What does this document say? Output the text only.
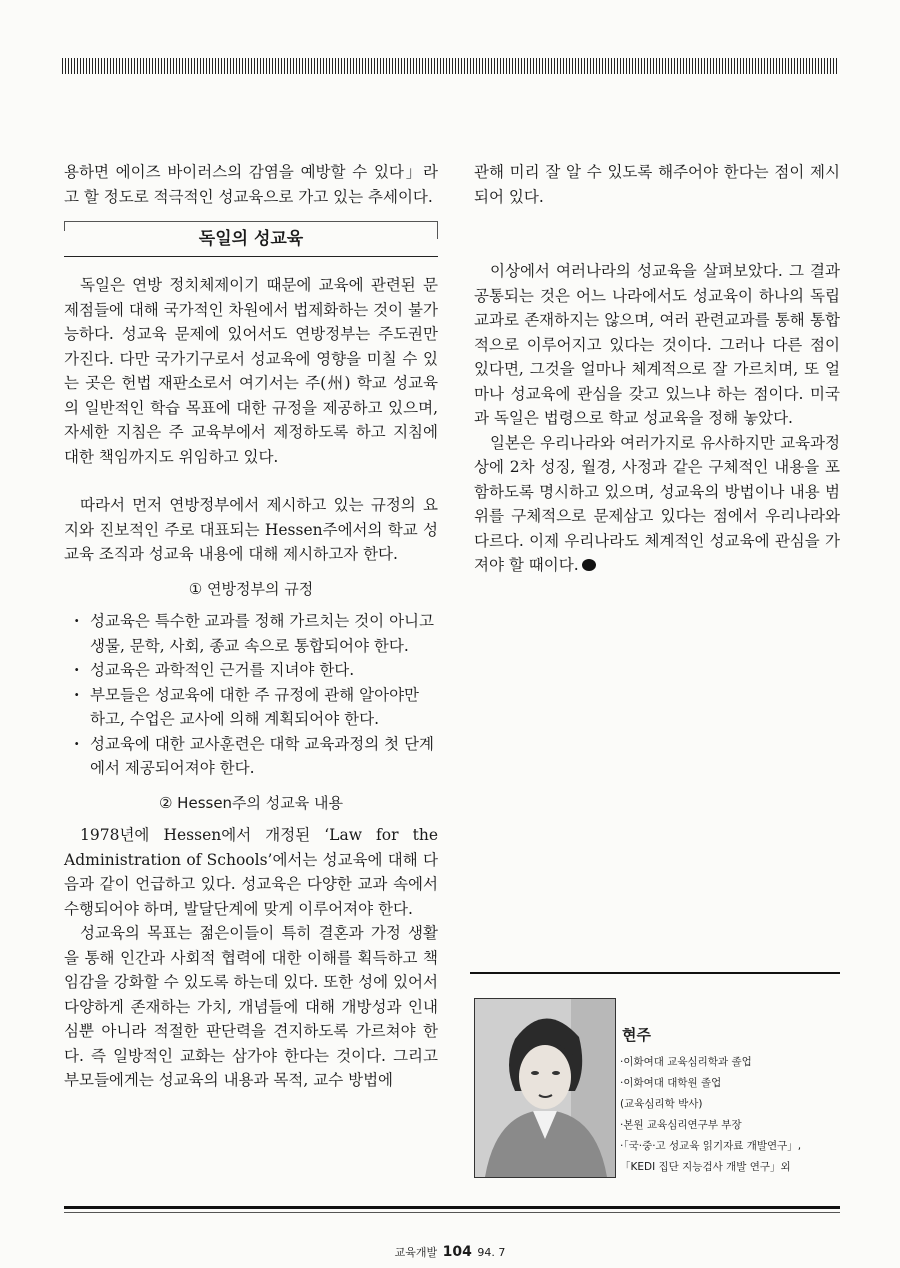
용하면 에이즈 바이러스의 감염을 예방할 수 있다」라고 할 정도로 적극적인 성교육으로 가고 있는 추세이다.

독일의 성교육

독일은 연방 정치체제이기 때문에 교육에 관련된 문제점들에 대해 국가적인 차원에서 법제화하는 것이 불가능하다. 성교육 문제에 있어서도 연방정부는 주도권만 가진다. 다만 국가기구로서 성교육에 영향을 미칠 수 있는 곳은 헌법 재판소로서 여기서는 주(州) 학교 성교육의 일반적인 학습 목표에 대한 규정을 제공하고 있으며, 자세한 지침은 주 교육부에서 제정하도록 하고 지침에 대한 책임까지도 위임하고 있다.

따라서 먼저 연방정부에서 제시하고 있는 규정의 요지와 진보적인 주로 대표되는 Hessen주에서의 학교 성교육 조직과 성교육 내용에 대해 제시하고자 한다.

① 연방정부의 규정
· 성교육은 특수한 교과를 정해 가르치는 것이 아니고 생물, 문학, 사회, 종교 속으로 통합되어야 한다.
· 성교육은 과학적인 근거를 지녀야 한다.
· 부모들은 성교육에 대한 주 규정에 관해 알아야만 하고, 수업은 교사에 의해 계획되어야 한다.
· 성교육에 대한 교사훈련은 대학 교육과정의 첫 단계에서 제공되어져야 한다.
② Hessen주의 성교육 내용

1978년에 Hessen에서 개정된 ‘Law for the Administration of Schools’에서는 성교육에 대해 다음과 같이 언급하고 있다. 성교육은 다양한 교과 속에서 수행되어야 하며, 발달단계에 맞게 이루어져야 한다.

성교육의 목표는 젊은이들이 특히 결혼과 가정 생활을 통해 인간과 사회적 협력에 대한 이해를 획득하고 책임감을 강화할 수 있도록 하는데 있다. 또한 성에 있어서 다양하게 존재하는 가치, 개념들에 대해 개방성과 인내심뿐 아니라 적절한 판단력을 견지하도록 가르쳐야 한다. 즉 일방적인 교화는 삼가야 한다는 것이다. 그리고 부모들에게는 성교육의 내용과 목적, 교수 방법에

관해 미리 잘 알 수 있도록 해주어야 한다는 점이 제시되어 있다.

이상에서 여러나라의 성교육을 살펴보았다. 그 결과 공통되는 것은 어느 나라에서도 성교육이 하나의 독립교과로 존재하지는 않으며, 여러 관련교과를 통해 통합적으로 이루어지고 있다는 것이다. 그러나 다른 점이 있다면, 그것을 얼마나 체계적으로 잘 가르치며, 또 얼마나 성교육에 관심을 갖고 있느냐 하는 점이다. 미국과 독일은 법령으로 학교 성교육을 정해 놓았다.

일본은 우리나라와 여러가지로 유사하지만 교육과정상에 2차 성징, 월경, 사정과 같은 구체적인 내용을 포함하도록 명시하고 있으며, 성교육의 방법이나 내용 범위를 구체적으로 문제삼고 있다는 점에서 우리나라와 다르다. 이제 우리나라도 체계적인 성교육에 관심을 가져야 할 때이다.

현주
·이화여대 교육심리학과 졸업
·이화여대 대학원 졸업
(교육심리학 박사)
·본원 교육심리연구부 부장
·「국·중·고 성교육 읽기자료 개발연구」,
「KEDI 집단 지능검사 개발 연구」외
교육개발 104 94. 7
